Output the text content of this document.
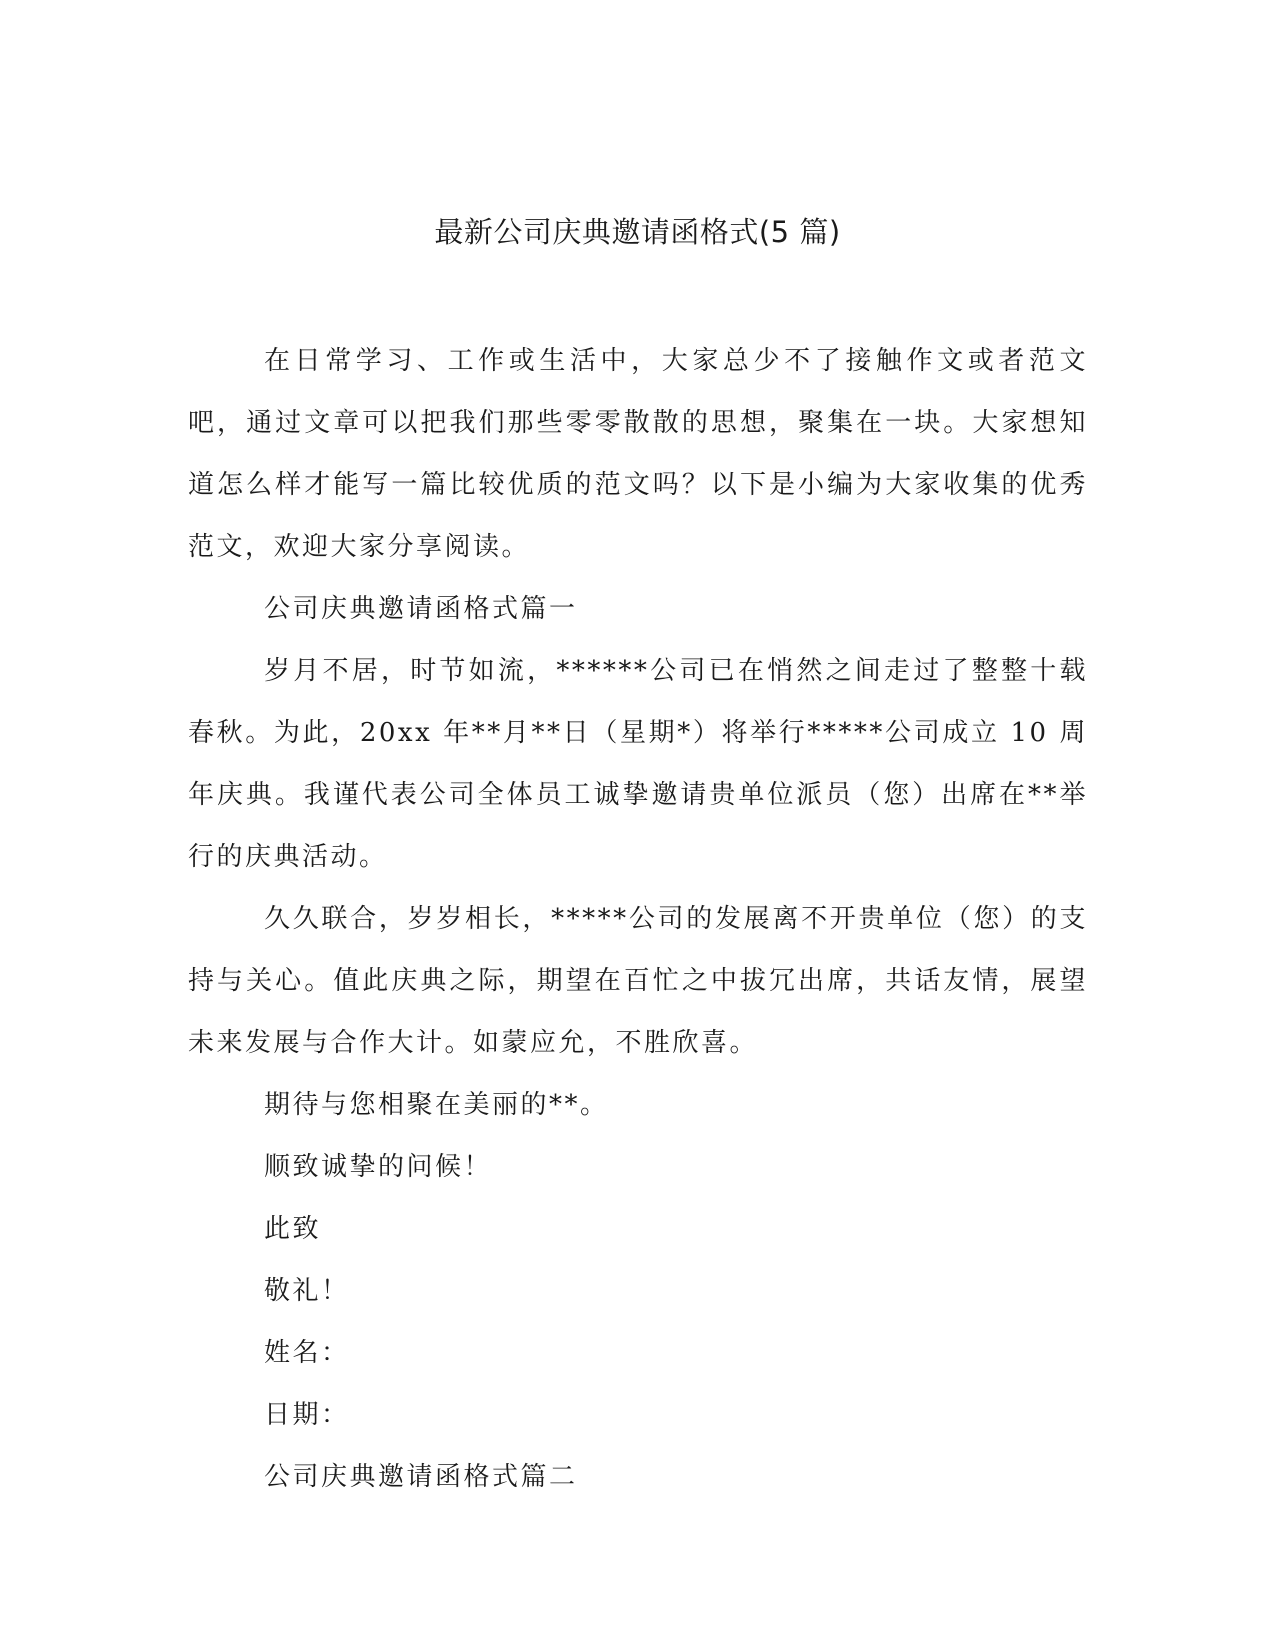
最新公司庆典邀请函格式(5 篇)

在日常学习、工作或生活中，大家总少不了接触作文或者范文吧，通过文章可以把我们那些零零散散的思想，聚集在一块。大家想知道怎么样才能写一篇比较优质的范文吗？以下是小编为大家收集的优秀范文，欢迎大家分享阅读。

公司庆典邀请函格式篇一

岁月不居，时节如流，******公司已在悄然之间走过了整整十载春秋。为此，20xx 年**月**日（星期*）将举行*****公司成立 10 周年庆典。我谨代表公司全体员工诚挚邀请贵单位派员（您）出席在**举行的庆典活动。

久久联合，岁岁相长，*****公司的发展离不开贵单位（您）的支持与关心。值此庆典之际，期望在百忙之中拔冗出席，共话友情，展望未来发展与合作大计。如蒙应允，不胜欣喜。

期待与您相聚在美丽的**。

顺致诚挚的问候！

此致

敬礼！

姓名：

日期：

公司庆典邀请函格式篇二
